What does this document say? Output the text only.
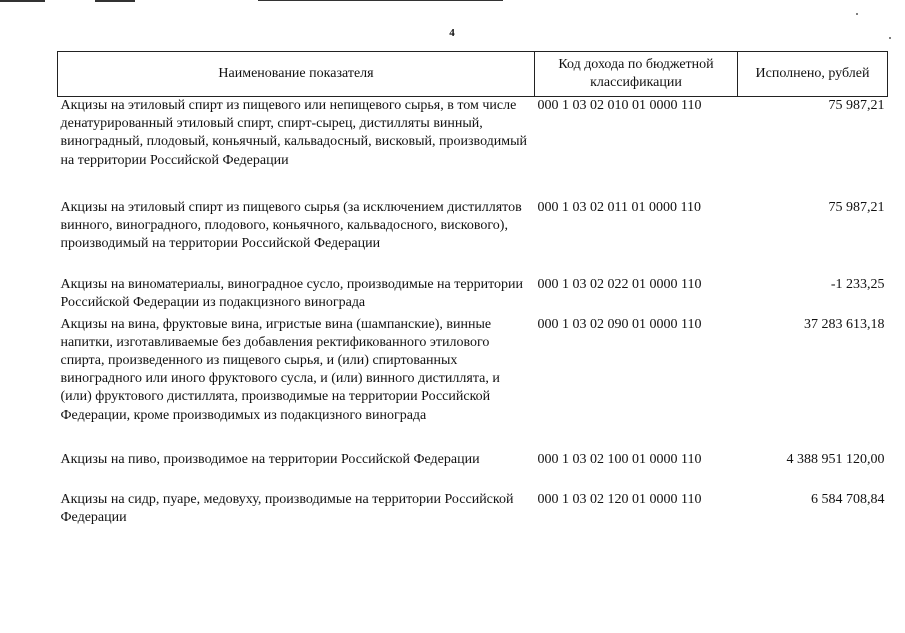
4
Наименование показателя	Код дохода по бюджетной классификации	Исполнено, рублей
Акцизы на этиловый спирт из пищевого или непищевого сырья, в том числе денатурированный этиловый спирт, спирт-сырец, дистилляты винный, виноградный, плодовый, коньячный, кальвадосный, висковый, производимый на территории Российской Федерации	000 1 03 02 010 01 0000 110	75 987,21
Акцизы на этиловый спирт из пищевого сырья (за исключением дистиллятов винного, виноградного, плодового, коньячного, кальвадосного, вискового), производимый на территории Российской Федерации	000 1 03 02 011 01 0000 110	75 987,21
Акцизы на виноматериалы, виноградное сусло, производимые на территории Российской Федерации из подакцизного винограда	000 1 03 02 022 01 0000 110	-1 233,25
Акцизы на вина, фруктовые вина, игристые вина (шампанские), винные напитки, изготавливаемые без добавления ректификованного этилового спирта, произведенного из пищевого сырья, и (или) спиртованных виноградного или иного фруктового сусла, и (или) винного дистиллята, и (или) фруктового дистиллята, производимые на территории Российской Федерации, кроме производимых из подакцизного винограда	000 1 03 02 090 01 0000 110	37 283 613,18
Акцизы на пиво, производимое на территории Российской Федерации	000 1 03 02 100 01 0000 110	4 388 951 120,00
Акцизы на сидр, пуаре, медовуху, производимые на территории Российской Федерации	000 1 03 02 120 01 0000 110	6 584 708,84
